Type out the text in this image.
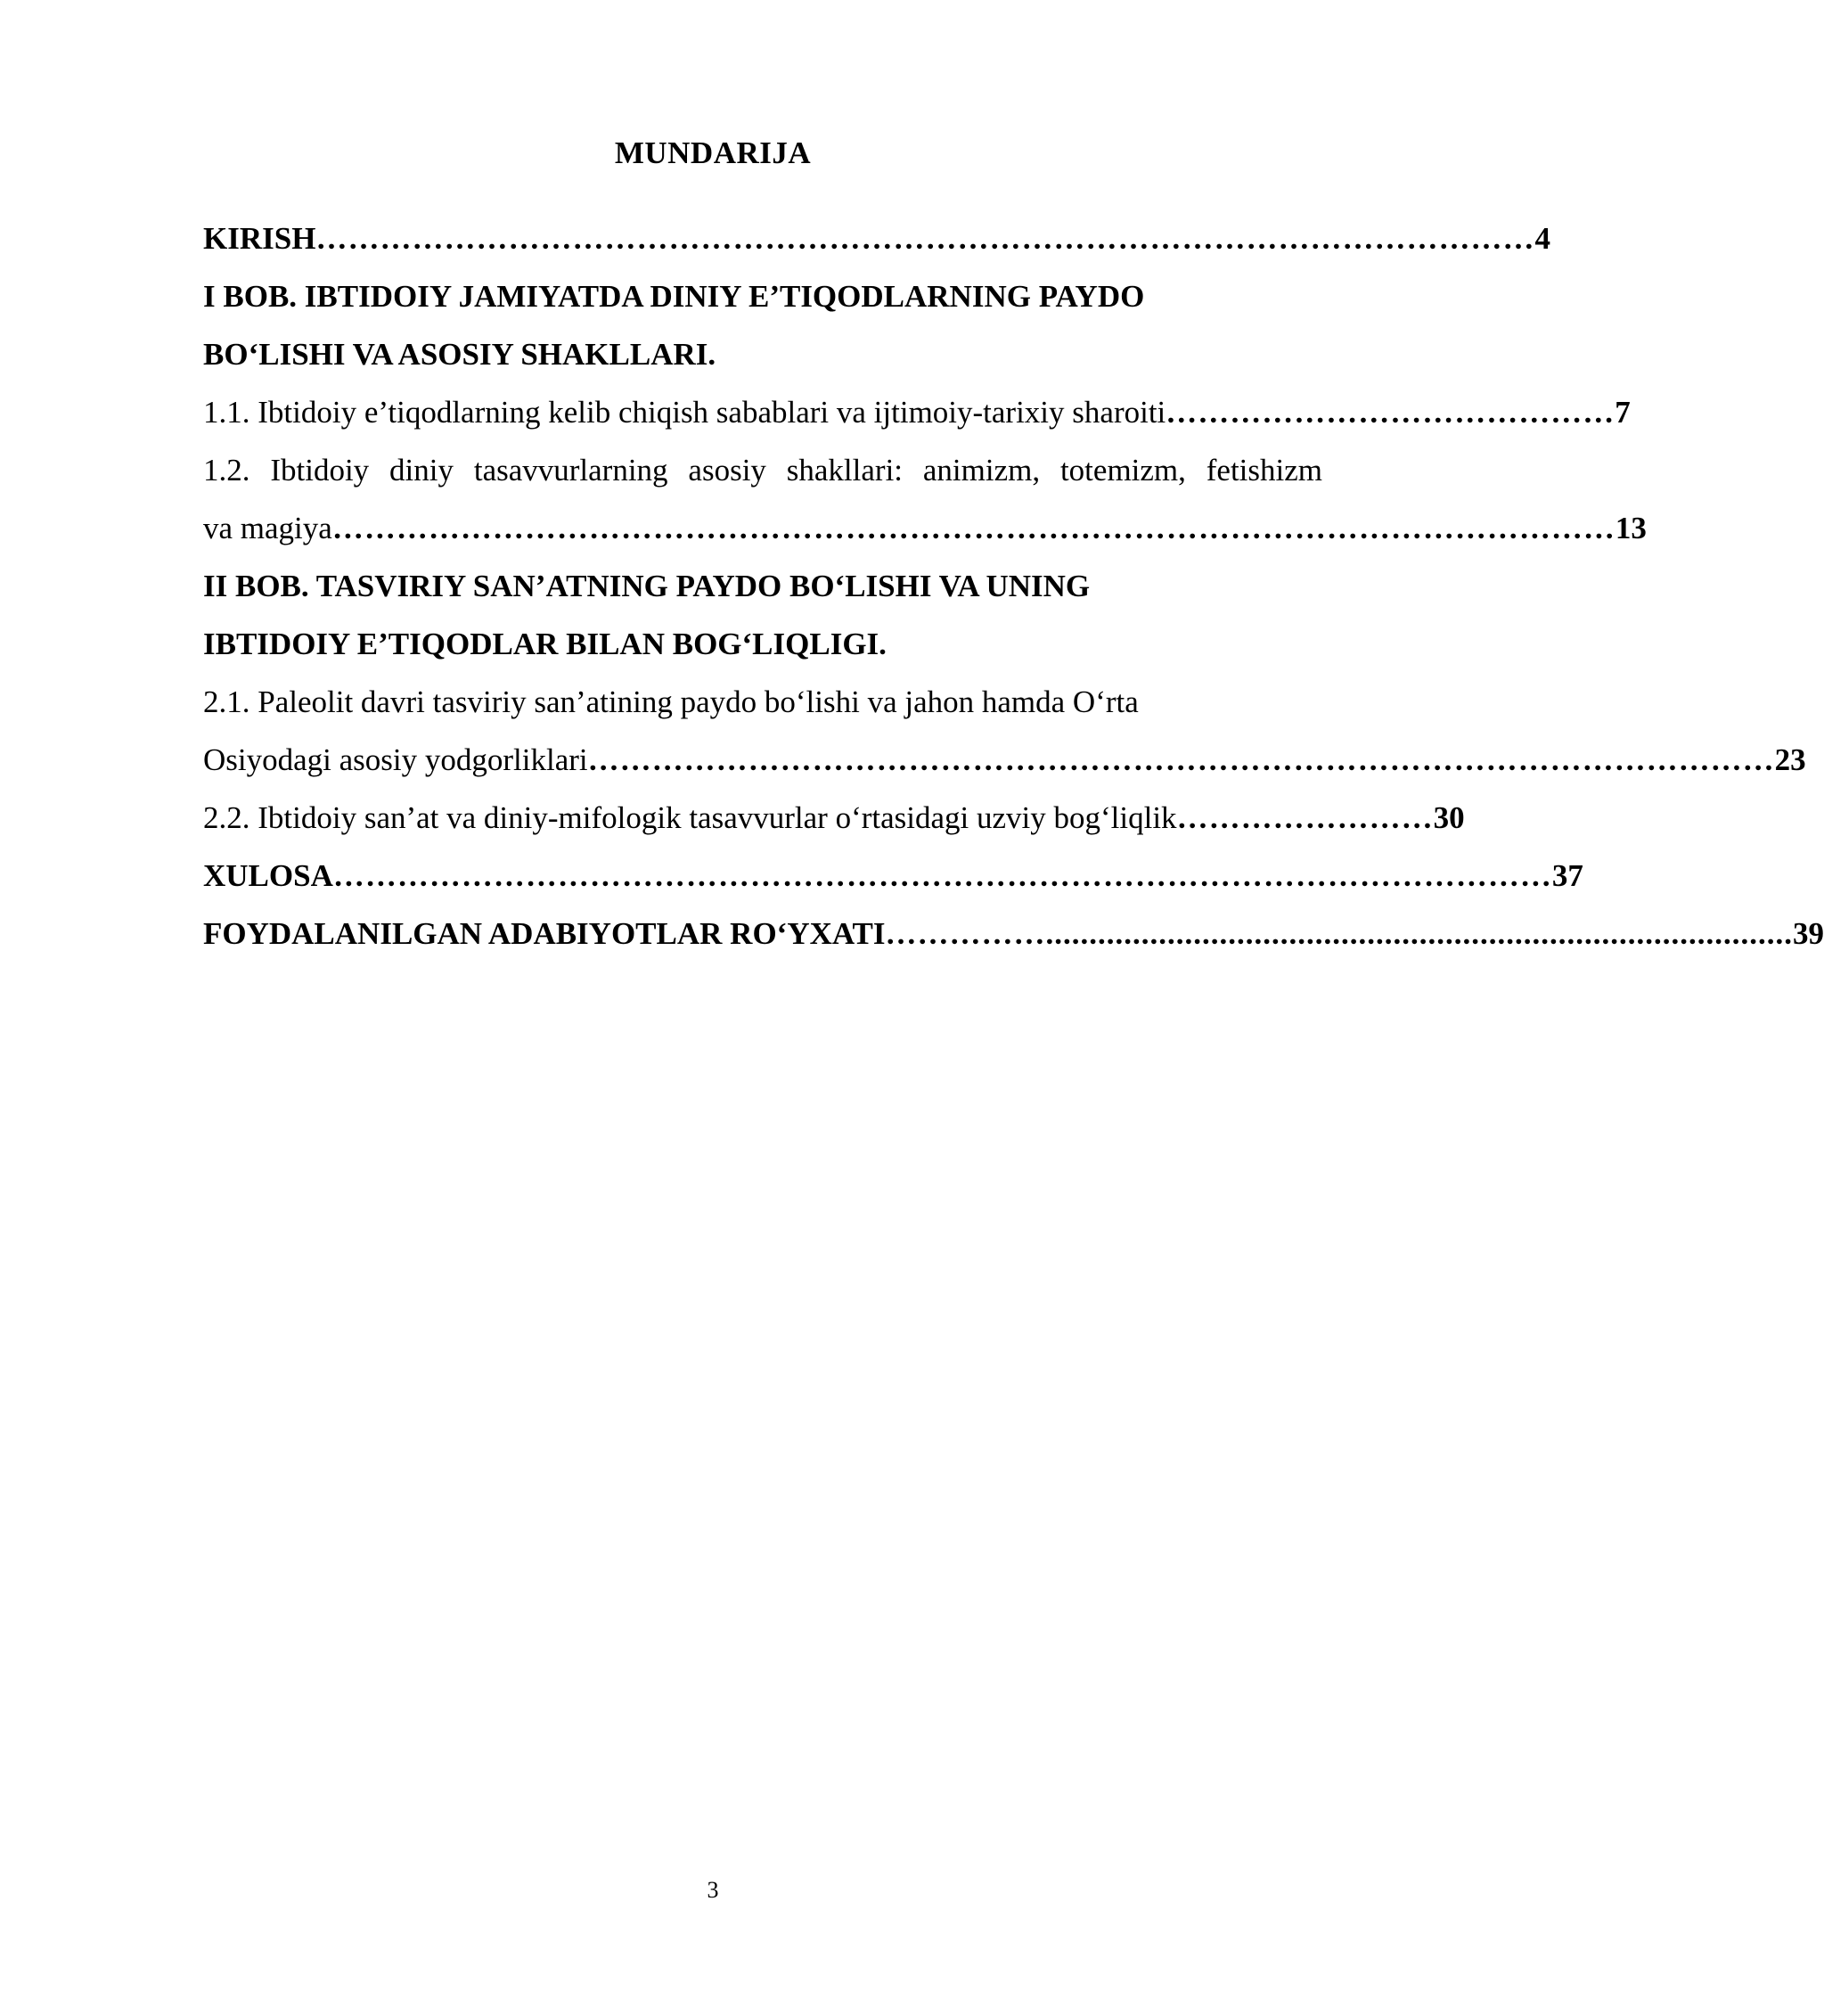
MUNDARIJA
KIRISH …………………………………………………………………………………………………… 4
I BOB. IBTIDOIY JAMIYATDA DINIY E’TIQODLARNING PAYDO
BO‘LISHI VA ASOSIY SHAKLLARI.
1.1. Ibtidoiy e’tiqodlarning kelib chiqish sabablari va ijtimoiy-tarixiy sharoiti …………………………………… 7
1.2. Ibtidoiy diniy tasavvurlarning asosiy shakllari: animizm, totemizm, fetishizm
va magiya ………………………………………………………………………………………………………… 13
II BOB. TASVIRIY SAN’ATNING PAYDO BO‘LISHI VA UNING
IBTIDOIY E’TIQODLAR BILAN BOG‘LIQLIGI.
2.1. Paleolit davri tasviriy san’atining paydo bo‘lishi va jahon hamda O‘rta
Osiyodagi asosiy yodgorliklari ………………………………………………………………………………………………… 23
2.2. Ibtidoiy san’at va diniy-mifologik tasavvurlar o‘rtasidagi uzviy bog‘liqlik …………………… 30
XULOSA …………………………………………………………………………………………………… 37
FOYDALANILGAN ADABIYOTLAR RO‘YXATI ……………...................................................................................... 39
3
